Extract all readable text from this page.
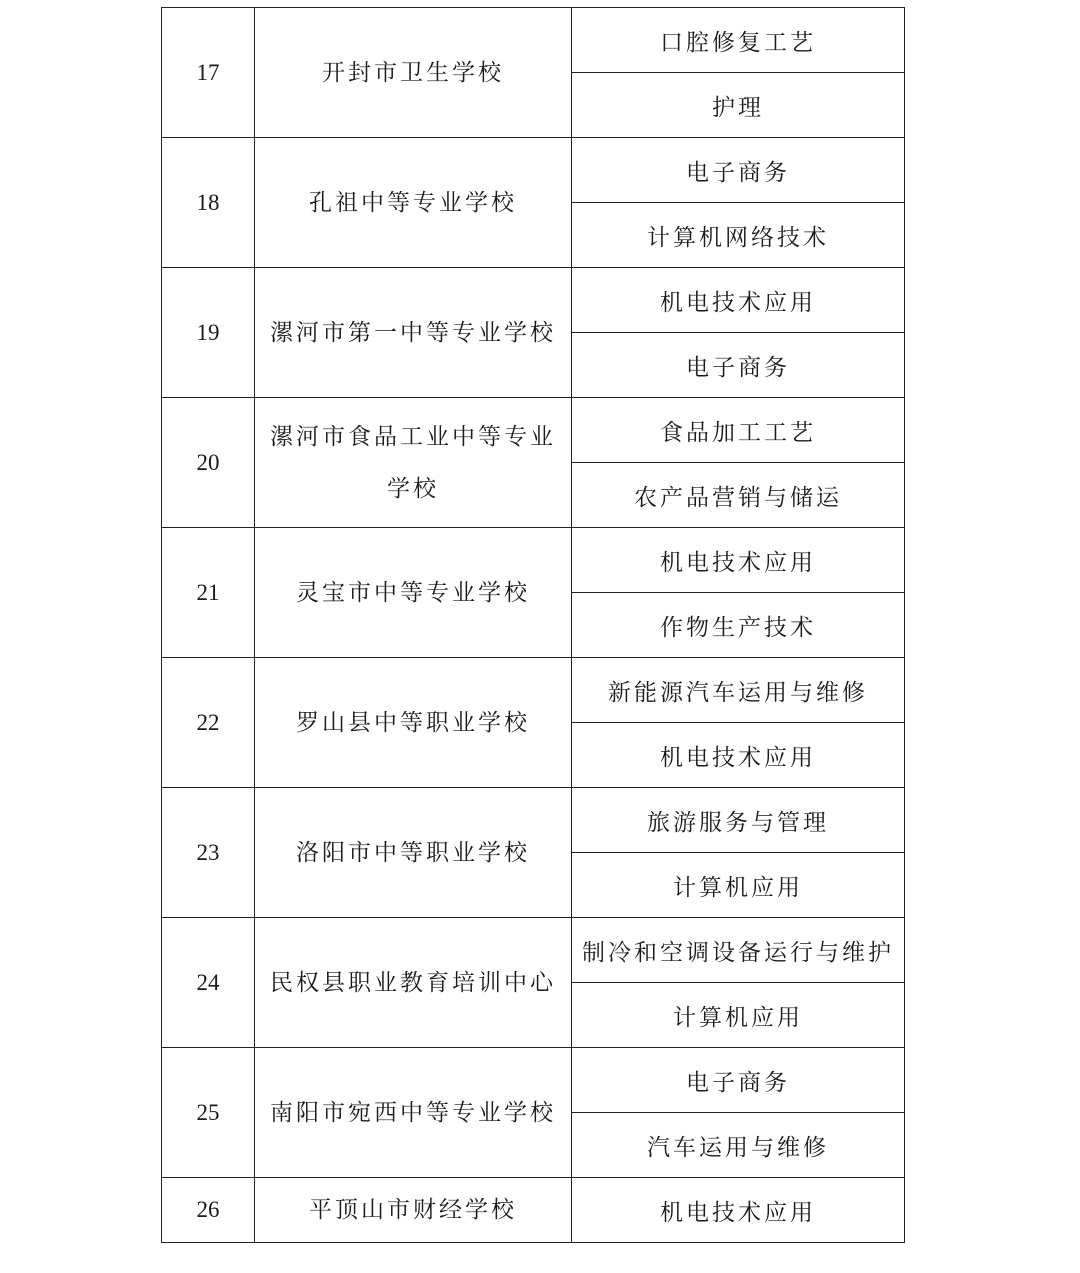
17	开封市卫生学校	口腔修复工艺
		护理
18	孔祖中等专业学校	电子商务
		计算机网络技术
19	漯河市第一中等专业学校	机电技术应用
		电子商务
20	漯河市食品工业中等专业学校	食品加工工艺
		农产品营销与储运
21	灵宝市中等专业学校	机电技术应用
		作物生产技术
22	罗山县中等职业学校	新能源汽车运用与维修
		机电技术应用
23	洛阳市中等职业学校	旅游服务与管理
		计算机应用
24	民权县职业教育培训中心	制冷和空调设备运行与维护
		计算机应用
25	南阳市宛西中等专业学校	电子商务
		汽车运用与维修
26	平顶山市财经学校	机电技术应用
